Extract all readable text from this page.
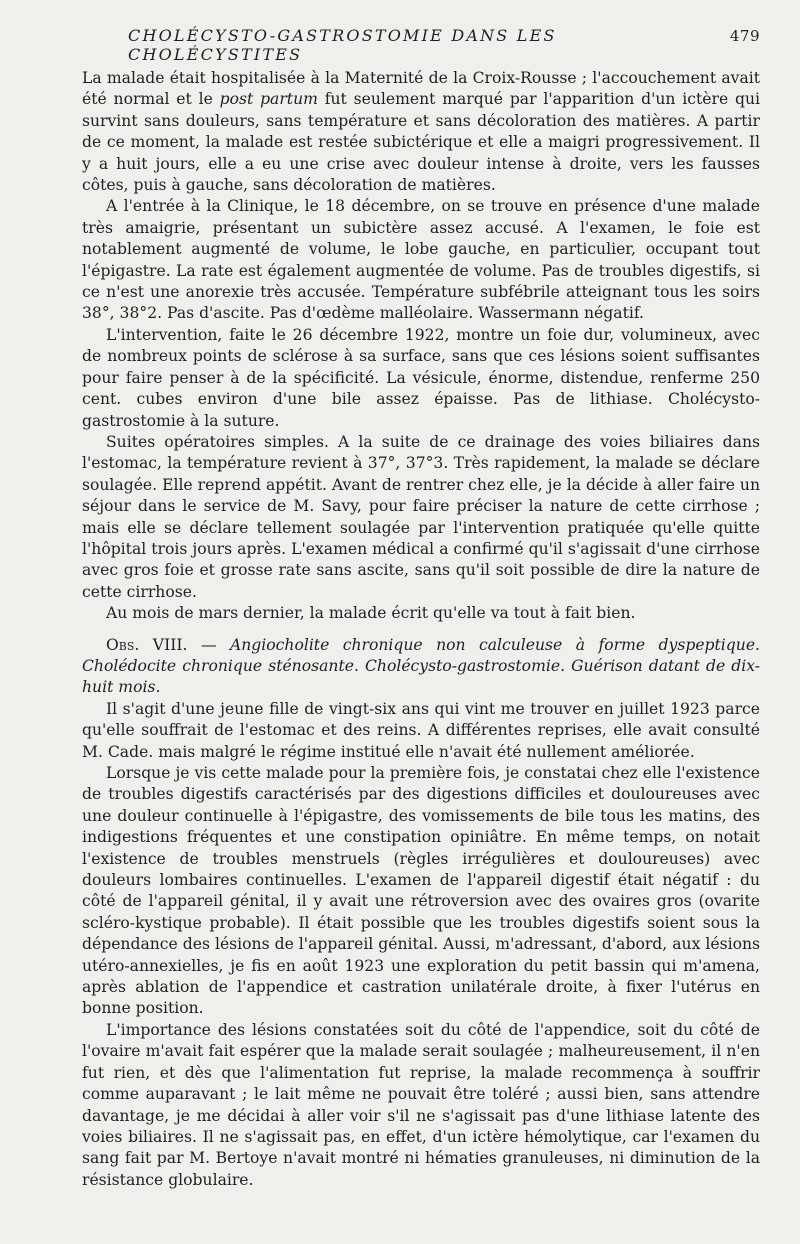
CHOLÉCYSTO-GASTROSTOMIE DANS LES CHOLÉCYSTITES
479

La malade était hospitalisée à la Maternité de la Croix-Rousse ; l'accouchement avait été normal et le post partum fut seulement marqué par l'apparition d'un ictère qui survint sans douleurs, sans température et sans décoloration des matières. A partir de ce moment, la malade est restée subictérique et elle a maigri progressivement. Il y a huit jours, elle a eu une crise avec douleur intense à droite, vers les fausses côtes, puis à gauche, sans décoloration de matières.

A l'entrée à la Clinique, le 18 décembre, on se trouve en présence d'une malade très amaigrie, présentant un subictère assez accusé. A l'examen, le foie est notablement augmenté de volume, le lobe gauche, en particulier, occupant tout l'épigastre. La rate est également augmentée de volume. Pas de troubles digestifs, si ce n'est une anorexie très accusée. Température subfébrile atteignant tous les soirs 38°, 38°2. Pas d'ascite. Pas d'œdème malléolaire. Wassermann négatif.

L'intervention, faite le 26 décembre 1922, montre un foie dur, volumineux, avec de nombreux points de sclérose à sa surface, sans que ces lésions soient suffisantes pour faire penser à de la spécificité. La vésicule, énorme, distendue, renferme 250 cent. cubes environ d'une bile assez épaisse. Pas de lithiase. Cholécysto-gastrostomie à la suture.

Suites opératoires simples. A la suite de ce drainage des voies biliaires dans l'estomac, la température revient à 37°, 37°3. Très rapidement, la malade se déclare soulagée. Elle reprend appétit. Avant de rentrer chez elle, je la décide à aller faire un séjour dans le service de M. Savy, pour faire préciser la nature de cette cirrhose ; mais elle se déclare tellement soulagée par l'intervention pratiquée qu'elle quitte l'hôpital trois jours après. L'examen médical a confirmé qu'il s'agissait d'une cirrhose avec gros foie et grosse rate sans ascite, sans qu'il soit possible de dire la nature de cette cirrhose.

Au mois de mars dernier, la malade écrit qu'elle va tout à fait bien.

Obs. VIII. — Angiocholite chronique non calculeuse à forme dyspeptique. Cholédocite chronique sténosante. Cholécysto-gastrostomie. Guérison datant de dix-huit mois.

Il s'agit d'une jeune fille de vingt-six ans qui vint me trouver en juillet 1923 parce qu'elle souffrait de l'estomac et des reins. A différentes reprises, elle avait consulté M. Cade. mais malgré le régime institué elle n'avait été nullement améliorée.

Lorsque je vis cette malade pour la première fois, je constatai chez elle l'existence de troubles digestifs caractérisés par des digestions difficiles et douloureuses avec une douleur continuelle à l'épigastre, des vomissements de bile tous les matins, des indigestions fréquentes et une constipation opiniâtre. En même temps, on notait l'existence de troubles menstruels (règles irrégulières et douloureuses) avec douleurs lombaires continuelles. L'examen de l'appareil digestif était négatif : du côté de l'appareil génital, il y avait une rétroversion avec des ovaires gros (ovarite scléro-kystique probable). Il était possible que les troubles digestifs soient sous la dépendance des lésions de l'appareil génital. Aussi, m'adressant, d'abord, aux lésions utéro-annexielles, je fis en août 1923 une exploration du petit bassin qui m'amena, après ablation de l'appendice et castration unilatérale droite, à fixer l'utérus en bonne position.

L'importance des lésions constatées soit du côté de l'appendice, soit du côté de l'ovaire m'avait fait espérer que la malade serait soulagée ; malheureusement, il n'en fut rien, et dès que l'alimentation fut reprise, la malade recommença à souffrir comme auparavant ; le lait même ne pouvait être toléré ; aussi bien, sans attendre davantage, je me décidai à aller voir s'il ne s'agissait pas d'une lithiase latente des voies biliaires. Il ne s'agissait pas, en effet, d'un ictère hémolytique, car l'examen du sang fait par M. Bertoye n'avait montré ni hématies granuleuses, ni diminution de la résistance globulaire.
